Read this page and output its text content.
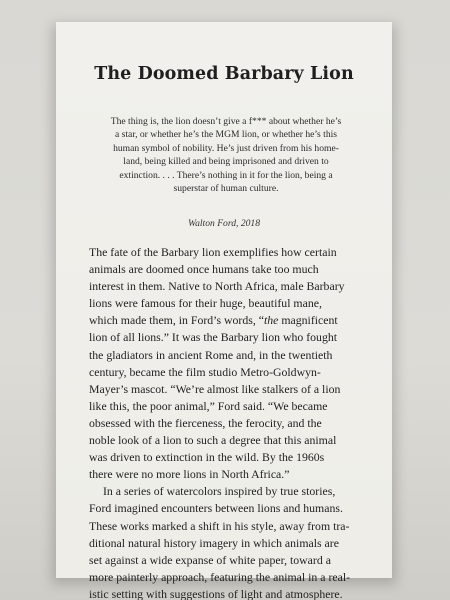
The Doomed Barbary Lion
The thing is, the lion doesn’t give a f*** about whether he’s
a star, or whether he’s the MGM lion, or whether he’s this
human symbol of nobility. He’s just driven from his home-
land, being killed and being imprisoned and driven to
extinction. . . . There’s nothing in it for the lion, being a
superstar of human culture.
Walton Ford, 2018
The fate of the Barbary lion exemplifies how certain
animals are doomed once humans take too much
interest in them. Native to North Africa, male Barbary
lions were famous for their huge, beautiful mane,
which made them, in Ford’s words, “the magnificent
lion of all lions.” It was the Barbary lion who fought
the gladiators in ancient Rome and, in the twentieth
century, became the film studio Metro-Goldwyn-
Mayer’s mascot. “We’re almost like stalkers of a lion
like this, the poor animal,” Ford said. “We became
obsessed with the fierceness, the ferocity, and the
noble look of a lion to such a degree that this animal
was driven to extinction in the wild. By the 1960s
there were no more lions in North Africa.”
In a series of watercolors inspired by true stories,
Ford imagined encounters between lions and humans.
These works marked a shift in his style, away from tra-
ditional natural history imagery in which animals are
set against a wide expanse of white paper, toward a
more painterly approach, featuring the animal in a real-
istic setting with suggestions of light and atmosphere.
